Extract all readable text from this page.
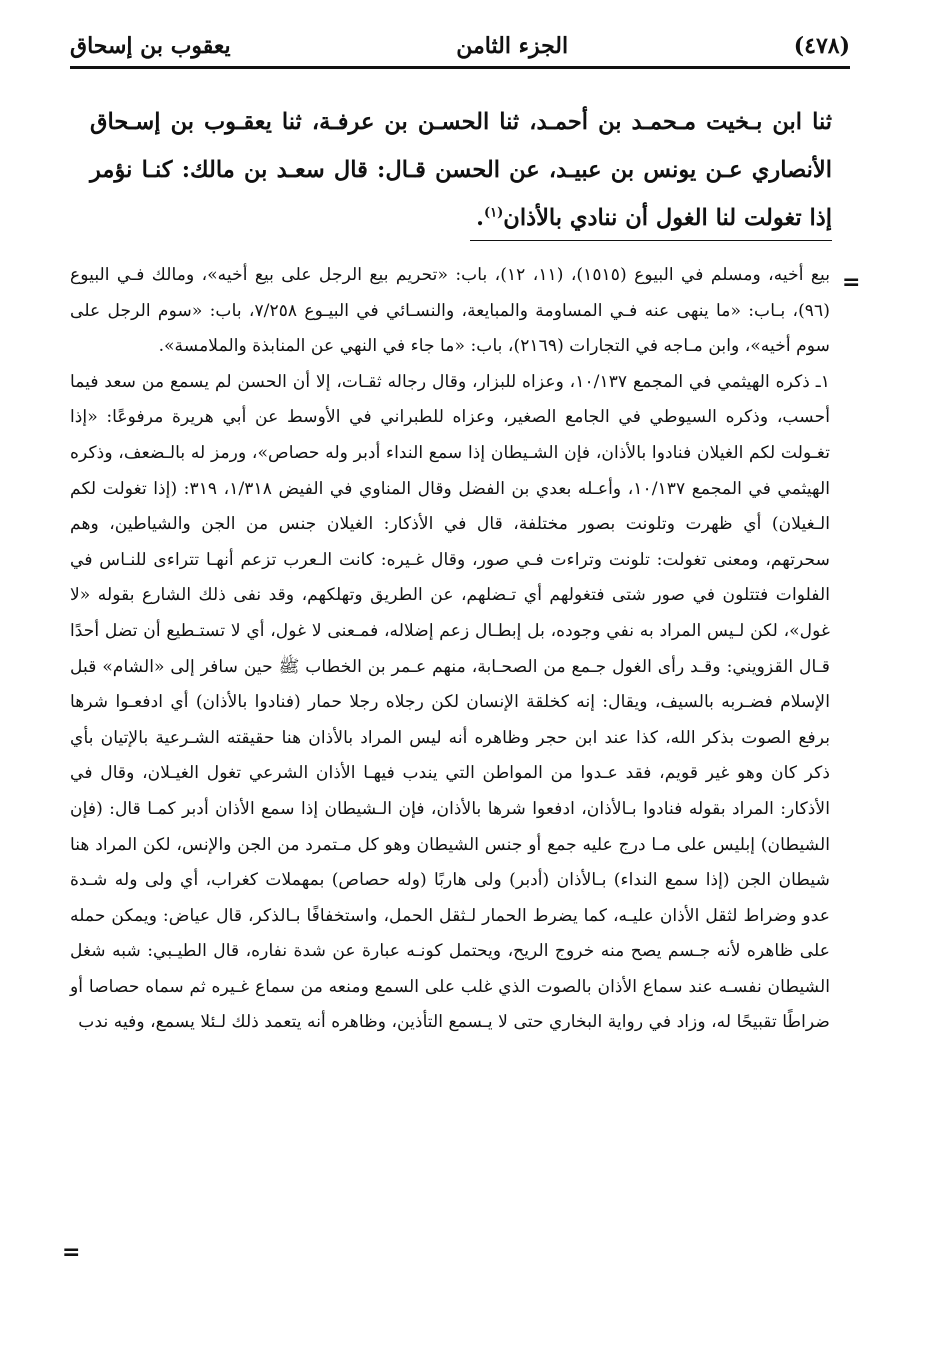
(٤٧٨)
الجزء الثامن
يعقوب بن إسحاق

ثنا ابن بـخيت مـحمـد بن أحمـد، ثنا الحسـن بن عرفـة، ثنا يعقـوب بن إسـحاق الأنصاري عـن يونس بن عبيـد، عن الحسن قـال: قال سعـد بن مالك: كنـا نؤمر إذا تغولت لنا الغول أن ننادي بالأذان$^{(١)}$.

=

بيع أخيه، ومسلم في البيوع (١٥١٥)، (١١، ١٢)، باب: «تحريم بيع الرجل على بيع أخيه»، ومالك فـي البيوع (٩٦)، بـاب: «ما ينهى عنه فـي المساومة والمبايعة، والنسـائي في البيـوع ٧/٢٥٨، باب: «سوم الرجل على سوم أخيه»، وابن مـاجه في التجارات (٢١٦٩)، باب: «ما جاء في النهي عن المنابذة والملامسة».

١ـ ذكره الهيثمي في المجمع ١٠/١٣٧، وعزاه للبزار، وقال رجاله ثقـات، إلا أن الحسن لم يسمع من سعد فيما أحسب، وذكره السيوطي في الجامع الصغير، وعزاه للطبراني في الأوسط عن أبي هريرة مرفوعًا: «إذا تغـولت لكم الغيلان فنادوا بالأذان، فإن الشـيطان إذا سمع النداء أدبر وله حصاص»، ورمز له بالـضعف، وذكره الهيثمي في المجمع ١٠/١٣٧، وأعـله بعدي بن الفضل وقال المناوي في الفيض ١/٣١٨، ٣١٩: (إذا تغولت لكم الـغيلان) أي ظهرت وتلونت بصور مختلفة، قال في الأذكار: الغيلان جنس من الجن والشياطين، وهم سحرتهم، ومعنى تغولت: تلونت وتراءت فـي صور، وقال غـيره: كانت الـعرب تزعم أنهـا تتراءى للنـاس في الفلوات فتتلون في صور شتى فتغولهم أي تـضلهم، عن الطريق وتهلكهم، وقد نفى ذلك الشارع بقوله «لا غول»، لكن لـيس المراد به نفي وجوده، بل إبطـال زعم إضلاله، فمـعنى لا غول، أي لا تستـطيع أن تضل أحدًا قـال القزويني: وقـد رأى الغول جـمع من الصحـابة، منهم عـمر بن الخطاب ﷺ حين سافر إلى «الشام» قبل الإسلام فضـربه بالسيف، ويقال: إنه كخلقة الإنسان لكن رجلاه رجلا حمار (فنادوا بالأذان) أي ادفعـوا شرها برفع الصوت بذكر الله، كذا عند ابن حجر وظاهره أنه ليس المراد بالأذان هنا حقيقته الشـرعية بالإتيان بأي ذكر كان وهو غير قويم، فقد عـدوا من المواطن التي يندب فيهـا الأذان الشرعي تغول الغيـلان، وقال في الأذكار: المراد بقوله فنادوا بـالأذان، ادفعوا شرها بالأذان، فإن الـشيطان إذا سمع الأذان أدبر كمـا قال: (فإن الشيطان) إبليس على مـا درج عليه جمع أو جنس الشيطان وهو كل مـتمرد من الجن والإنس، لكن المراد هنا شيطان الجن (إذا سمع النداء) بـالأذان (أدبر) ولى هاربًا (وله حصاص) بمهملات كغراب، أي ولى وله شـدة عدو وضراط لثقل الأذان عليـه، كما يضرط الحمار لـثقل الحمل، واستخفافًا بـالذكر، قال عياض: ويمكن حمله على ظاهره لأنه جـسم يصح منه خروج الريح، ويحتمل كونـه عبارة عن شدة نفاره، قال الطيـبي: شبه شغل الشيطان نفسـه عند سماع الأذان بالصوت الذي غلب على السمع ومنعه من سماع غـيره ثم سماه حصاصا أو ضراطًا تقبيحًا له، وزاد في رواية البخاري حتى لا يـسمع التأذين، وظاهره أنه يتعمد ذلك لـئلا يسمع، وفيه ندب

=
